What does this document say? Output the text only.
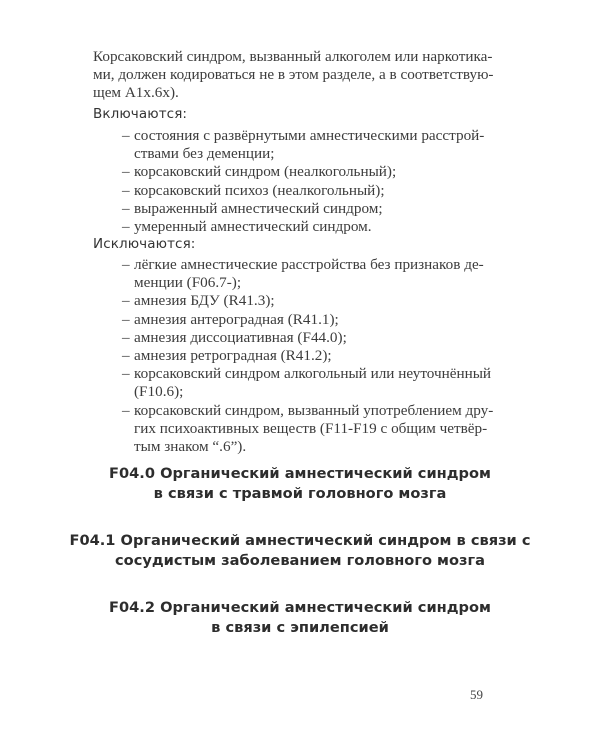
Корсаковский синдром, вызванный алкоголем или наркотика-
ми, должен кодироваться не в этом разделе, а в соответствую-
щем A1x.6x).
Включаются:
– состояния с развёрнутыми амнестическими расстрой-
ствами без деменции;
– корсаковский синдром (неалкогольный);
– корсаковский психоз (неалкогольный);
– выраженный амнестический синдром;
– умеренный амнестический синдром.
Исключаются:
– лёгкие амнестические расстройства без признаков де-
менции (F06.7-);
– амнезия БДУ (R41.3);
– амнезия антероградная (R41.1);
– амнезия диссоциативная (F44.0);
– амнезия ретроградная (R41.2);
– корсаковский синдром алкогольный или неуточнённый
(F10.6);
– корсаковский синдром, вызванный употреблением дру-
гих психоактивных веществ (F11-F19 с общим четвёр-
тым знаком “.6”).
F04.0 Органический амнестический синдром
в связи с травмой головного мозга
F04.1 Органический амнестический синдром в связи с
сосудистым заболеванием головного мозга
F04.2 Органический амнестический синдром
в связи с эпилепсией
59
